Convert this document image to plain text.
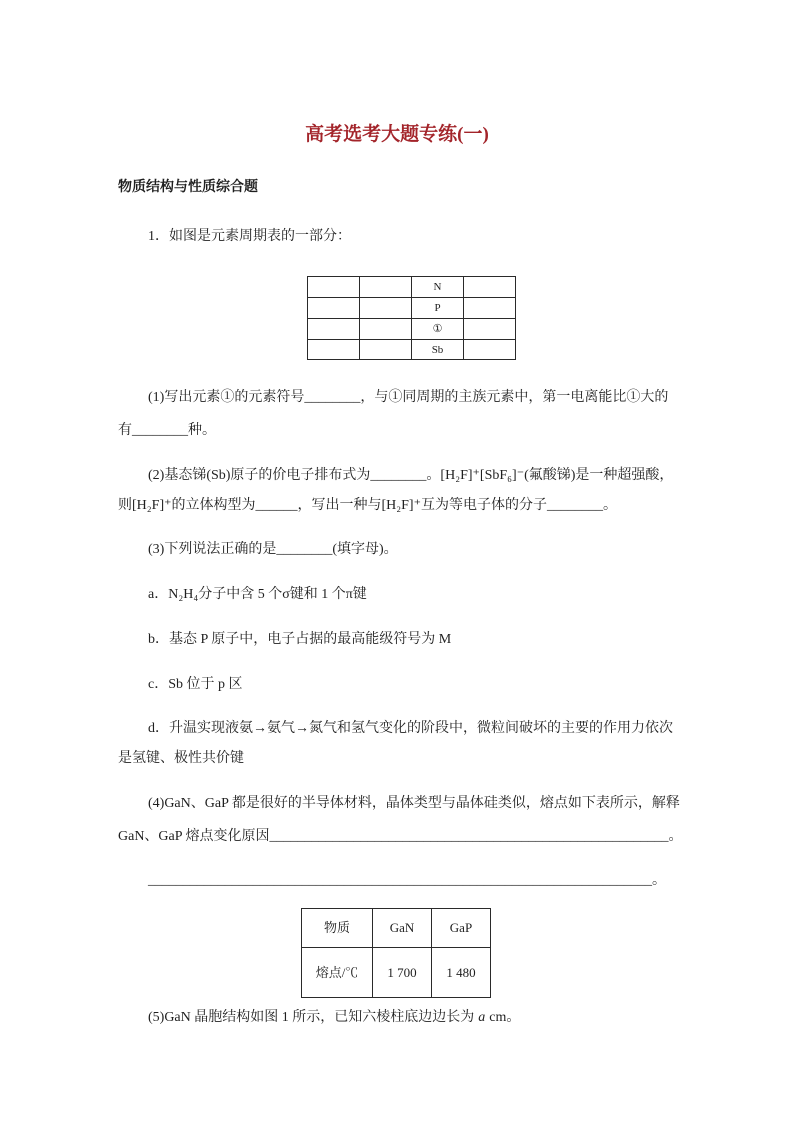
高考选考大题专练(一)
物质结构与性质综合题
1．如图是元素周期表的一部分：
		N	
		P	
		①	
		Sb	
(1)写出元素①的元素符号________，与①同周期的主族元素中，第一电离能比①大的
有________种。
(2)基态锑(Sb)原子的价电子排布式为________。[H₂F]⁺[SbF₆]⁻(氟酸锑)是一种超强酸，
则[H₂F]⁺的立体构型为______，写出一种与[H₂F]⁺互为等电子体的分子________。
(3)下列说法正确的是________(填字母)。
a．N₂H₄分子中含 5 个σ键和 1 个π键
b．基态 P 原子中，电子占据的最高能级符号为 M
c．Sb 位于 p 区
d．升温实现液氨→氨气→氮气和氢气变化的阶段中，微粒间破坏的主要的作用力依次
是氢键、极性共价键
(4)GaN、GaP 都是很好的半导体材料，晶体类型与晶体硅类似，熔点如下表所示，解释
GaN、GaP 熔点变化原因_________________________________________________________。
________________________________________________________________________。
物质	GaN	GaP
熔点/℃	1 700	1 480
(5)GaN 晶胞结构如图 1 所示，已知六棱柱底边边长为 a cm。
